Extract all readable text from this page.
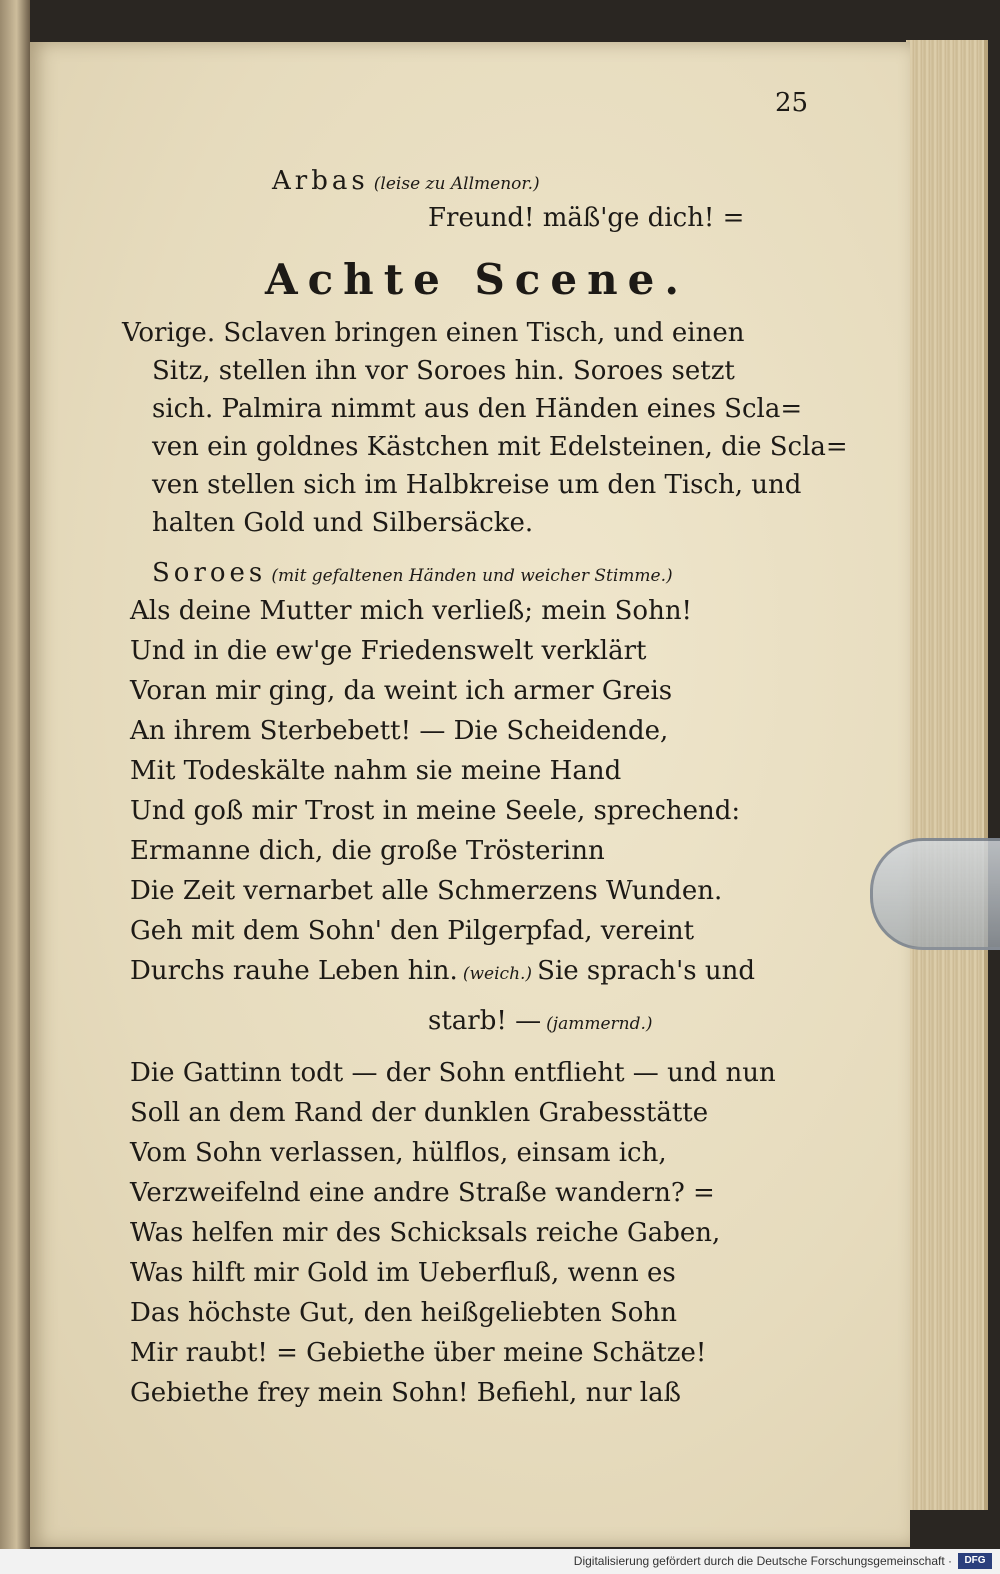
25
Arbas (leise zu Allmenor.)
Freund! mäß'ge dich! =
Achte Scene.
Vorige. Sclaven bringen einen Tisch, und einen
Sitz, stellen ihn vor Soroes hin. Soroes setzt
sich. Palmira nimmt aus den Händen eines Scla=
ven ein goldnes Kästchen mit Edelsteinen, die Scla=
ven stellen sich im Halbkreise um den Tisch, und
halten Gold und Silbersäcke.
Soroes (mit gefaltenen Händen und weicher Stimme.)
Als deine Mutter mich verließ; mein Sohn!
Und in die ew'ge Friedenswelt verklärt
Voran mir ging, da weint ich armer Greis
An ihrem Sterbebett! — Die Scheidende,
Mit Todeskälte nahm sie meine Hand
Und goß mir Trost in meine Seele, sprechend:
Ermanne dich, die große Trösterinn
Die Zeit vernarbet alle Schmerzens Wunden.
Geh mit dem Sohn' den Pilgerpfad, vereint
Durchs rauhe Leben hin. (weich.) Sie sprach's und
starb! — (jammernd.)
Die Gattinn todt — der Sohn entflieht — und nun
Soll an dem Rand der dunklen Grabesstätte
Vom Sohn verlassen, hülflos, einsam ich,
Verzweifelnd eine andre Straße wandern? =
Was helfen mir des Schicksals reiche Gaben,
Was hilft mir Gold im Ueberfluß, wenn es
Das höchste Gut, den heißgeliebten Sohn
Mir raubt! = Gebiethe über meine Schätze!
Gebiethe frey mein Sohn! Befiehl, nur laß
Digitalisierung gefördert durch die Deutsche Forschungsgemeinschaft ·	DFG
